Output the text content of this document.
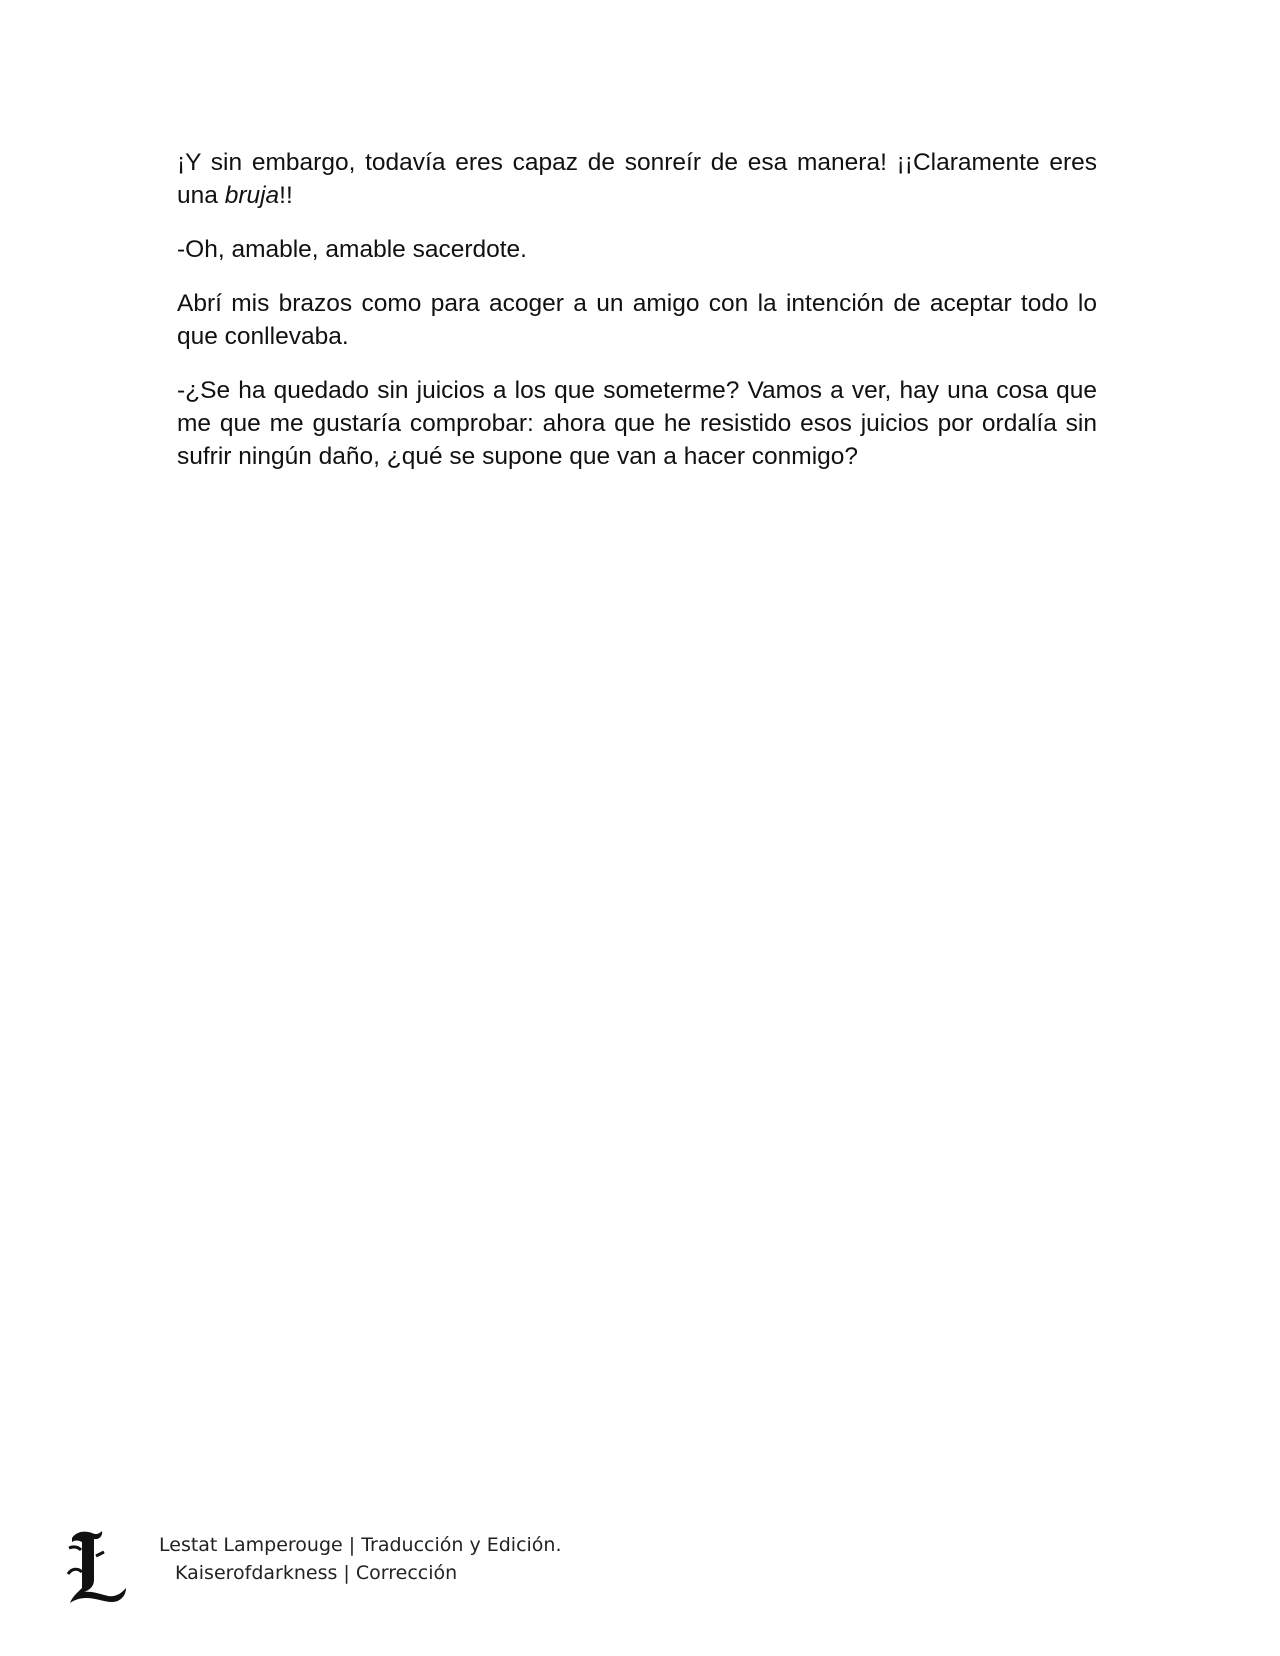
¡Y sin embargo, todavía eres capaz de sonreír de esa manera! ¡¡Claramente eres una bruja!!

-Oh, amable, amable sacerdote.

Abrí mis brazos como para acoger a un amigo con la intención de aceptar todo lo que conllevaba.

-¿Se ha quedado sin juicios a los que someterme? Vamos a ver, hay una cosa que me que me gustaría comprobar: ahora que he resistido esos juicios por ordalía sin sufrir ningún daño, ¿qué se supone que van a hacer conmigo?

Lestat Lamperouge | Traducción y Edición.
Kaiserofdarkness | Corrección
